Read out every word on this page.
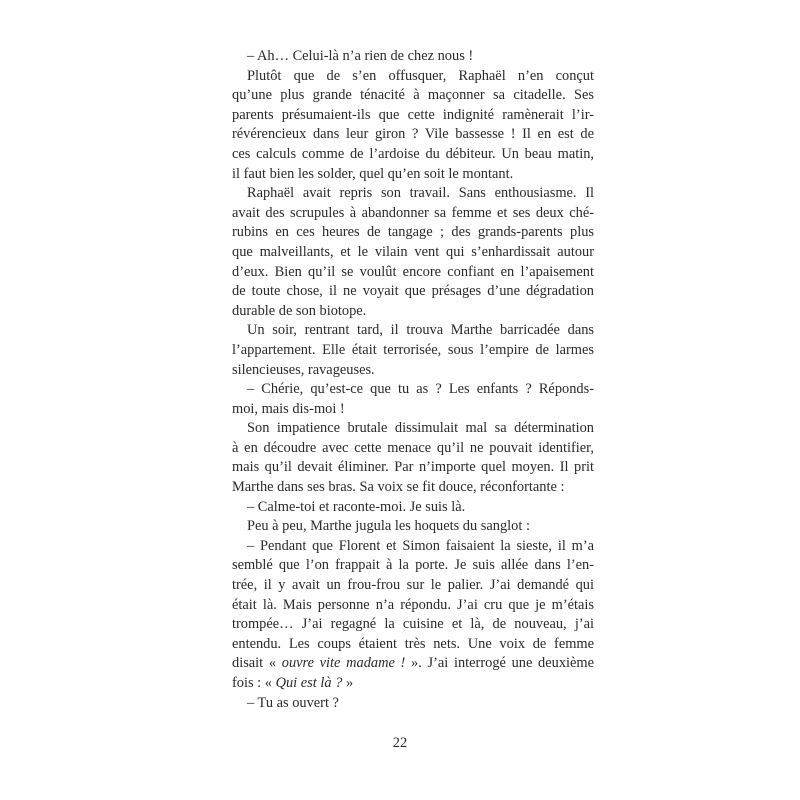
– Ah… Celui-là n’a rien de chez nous !
Plutôt que de s’en offusquer, Raphaël n’en conçut
qu’une plus grande ténacité à maçonner sa citadelle. Ses
parents présumaient-ils que cette indignité ramènerait l’ir-
révérencieux dans leur giron ? Vile bassesse ! Il en est de
ces calculs comme de l’ardoise du débiteur. Un beau matin,
il faut bien les solder, quel qu’en soit le montant.
Raphaël avait repris son travail. Sans enthousiasme. Il
avait des scrupules à abandonner sa femme et ses deux ché-
rubins en ces heures de tangage ; des grands-parents plus
que malveillants, et le vilain vent qui s’enhardissait autour
d’eux. Bien qu’il se voulût encore confiant en l’apaisement
de toute chose, il ne voyait que présages d’une dégradation
durable de son biotope.
Un soir, rentrant tard, il trouva Marthe barricadée dans
l’appartement. Elle était terrorisée, sous l’empire de larmes
silencieuses, ravageuses.
– Chérie, qu’est-ce que tu as ? Les enfants ? Réponds-
moi, mais dis-moi !
Son impatience brutale dissimulait mal sa détermination
à en découdre avec cette menace qu’il ne pouvait identifier,
mais qu’il devait éliminer. Par n’importe quel moyen. Il prit
Marthe dans ses bras. Sa voix se fit douce, réconfortante :
– Calme-toi et raconte-moi. Je suis là.
Peu à peu, Marthe jugula les hoquets du sanglot :
– Pendant que Florent et Simon faisaient la sieste, il m’a
semblé que l’on frappait à la porte. Je suis allée dans l’en-
trée, il y avait un frou-frou sur le palier. J’ai demandé qui
était là. Mais personne n’a répondu. J’ai cru que je m’étais
trompée… J’ai regagné la cuisine et là, de nouveau, j’ai
entendu. Les coups étaient très nets. Une voix de femme
disait « ouvre vite madame ! ». J’ai interrogé une deuxième
fois : « Qui est là ? »
– Tu as ouvert ?
22
